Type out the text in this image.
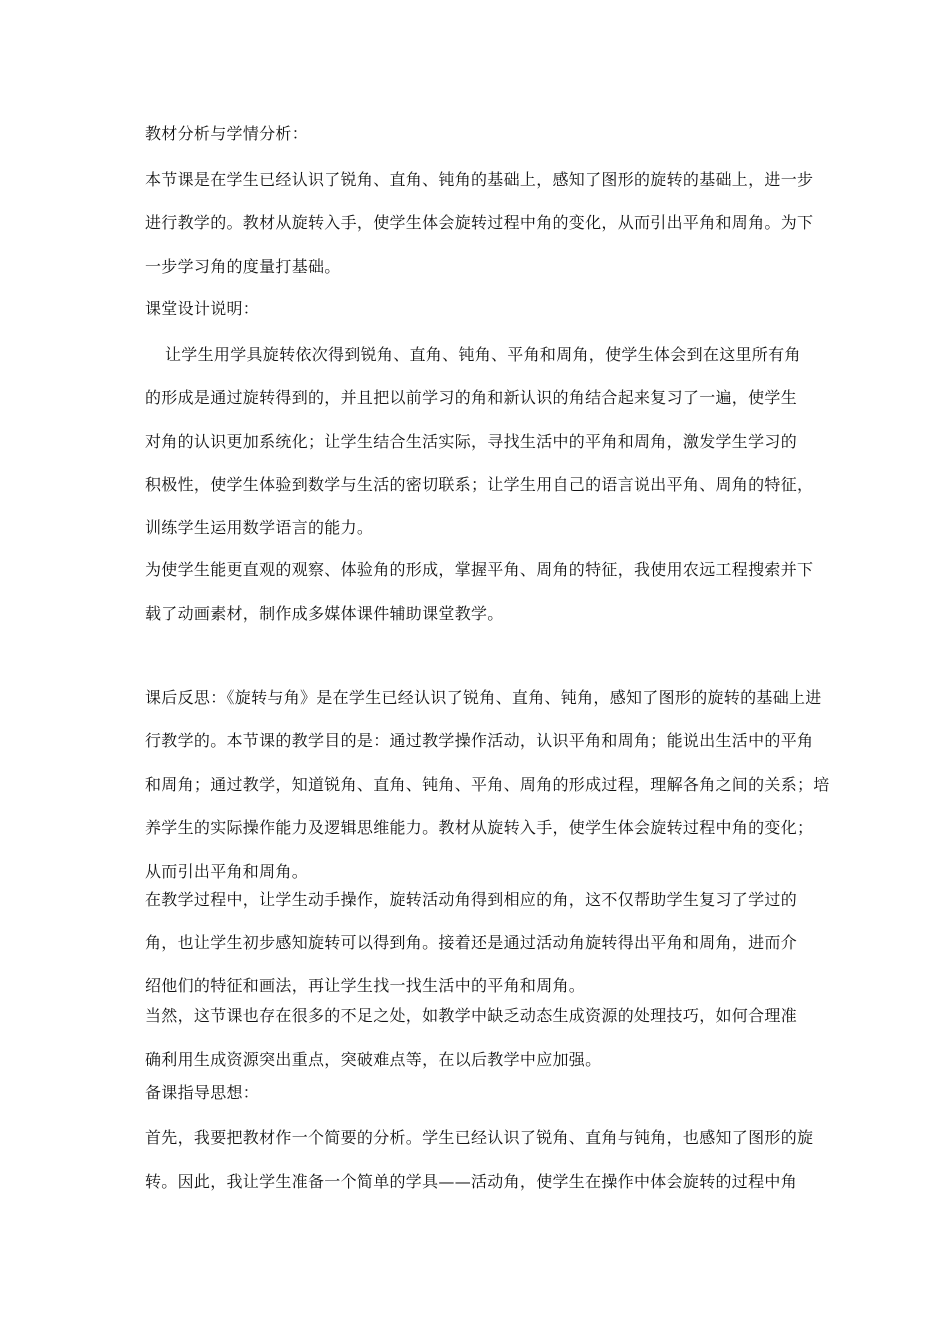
教材分析与学情分析：
本节课是在学生已经认识了锐角、直角、钝角的基础上，感知了图形的旋转的基础上，进一步
进行教学的。教材从旋转入手，使学生体会旋转过程中角的变化，从而引出平角和周角。为下
一步学习角的度量打基础。
课堂设计说明：
让学生用学具旋转依次得到锐角、直角、钝角、平角和周角，使学生体会到在这里所有角
的形成是通过旋转得到的，并且把以前学习的角和新认识的角结合起来复习了一遍，使学生
对角的认识更加系统化；让学生结合生活实际，寻找生活中的平角和周角，激发学生学习的
积极性，使学生体验到数学与生活的密切联系；让学生用自己的语言说出平角、周角的特征，
训练学生运用数学语言的能力。
为使学生能更直观的观察、体验角的形成，掌握平角、周角的特征，我使用农远工程搜索并下
载了动画素材，制作成多媒体课件辅助课堂教学。
课后反思：《旋转与角》是在学生已经认识了锐角、直角、钝角，感知了图形的旋转的基础上进
行教学的。本节课的教学目的是：通过教学操作活动，认识平角和周角；能说出生活中的平角
和周角；通过教学，知道锐角、直角、钝角、平角、周角的形成过程，理解各角之间的关系；培
养学生的实际操作能力及逻辑思维能力。教材从旋转入手，使学生体会旋转过程中角的变化；
从而引出平角和周角。
在教学过程中，让学生动手操作，旋转活动角得到相应的角，这不仅帮助学生复习了学过的
角，也让学生初步感知旋转可以得到角。接着还是通过活动角旋转得出平角和周角，进而介
绍他们的特征和画法，再让学生找一找生活中的平角和周角。
当然，这节课也存在很多的不足之处，如教学中缺乏动态生成资源的处理技巧，如何合理准
确利用生成资源突出重点，突破难点等，在以后教学中应加强。
备课指导思想：
首先，我要把教材作一个简要的分析。学生已经认识了锐角、直角与钝角，也感知了图形的旋
转。因此，我让学生准备一个简单的学具——活动角，使学生在操作中体会旋转的过程中角
